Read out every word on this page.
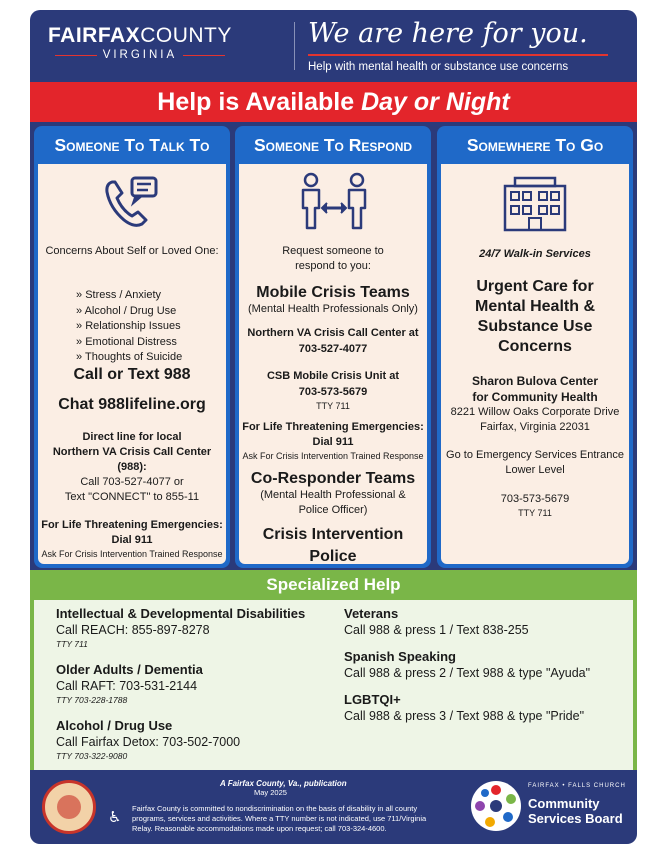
FAIRFAXCOUNTY
VIRGINIA
We are here for you.
Help with mental health or substance use concerns
Help is Available Day or Night
Someone To Talk To
Concerns About Self or Loved One:
» Stress / Anxiety
» Alcohol / Drug Use
» Relationship Issues
» Emotional Distress
» Thoughts of Suicide
Call or Text 988
Chat 988lifeline.org
Direct line for local
Northern VA Crisis Call Center
(988):
Call 703-527-4077 or
Text "CONNECT" to 855-11
For Life Threatening Emergencies:
Dial 911
Ask For Crisis Intervention Trained Response
Someone To Respond
Request someone to
respond to you:
Mobile Crisis Teams
(Mental Health Professionals Only)
Northern VA Crisis Call Center at
703-527-4077
CSB Mobile Crisis Unit at
703-573-5679
TTY 711
For Life Threatening Emergencies:
Dial 911
Ask For Crisis Intervention Trained Response
Co-Responder Teams
(Mental Health Professional &
Police Officer)
Crisis Intervention Police
Somewhere To Go
24/7 Walk-in Services
Urgent Care for
Mental Health &
Substance Use
Concerns
Sharon Bulova Center
for Community Health
8221 Willow Oaks Corporate Drive
Fairfax, Virginia 22031
Go to Emergency Services Entrance
Lower Level
703-573-5679
TTY 711
Specialized Help
Intellectual & Developmental Disabilities
Call REACH: 855-897-8278
TTY 711
Older Adults / Dementia
Call RAFT: 703-531-2144
TTY 703-228-1788
Alcohol / Drug Use
Call Fairfax Detox: 703-502-7000
TTY 703-322-9080
Veterans
Call 988 & press 1 / Text 838-255
Spanish Speaking
Call 988 & press 2 / Text 988 & type "Ayuda"
LGBTQI+
Call 988 & press 3 / Text 988 & type "Pride"
A Fairfax County, Va., publication
May 2025
♿
Fairfax County is committed to nondiscrimination on the basis of disability in all county programs, services and activities. Where a TTY number is not indicated, use 711/Virginia Relay. Reasonable accommodations made upon request; call 703-324-4600.
FAIRFAX • FALLS CHURCH
Community
Services Board
